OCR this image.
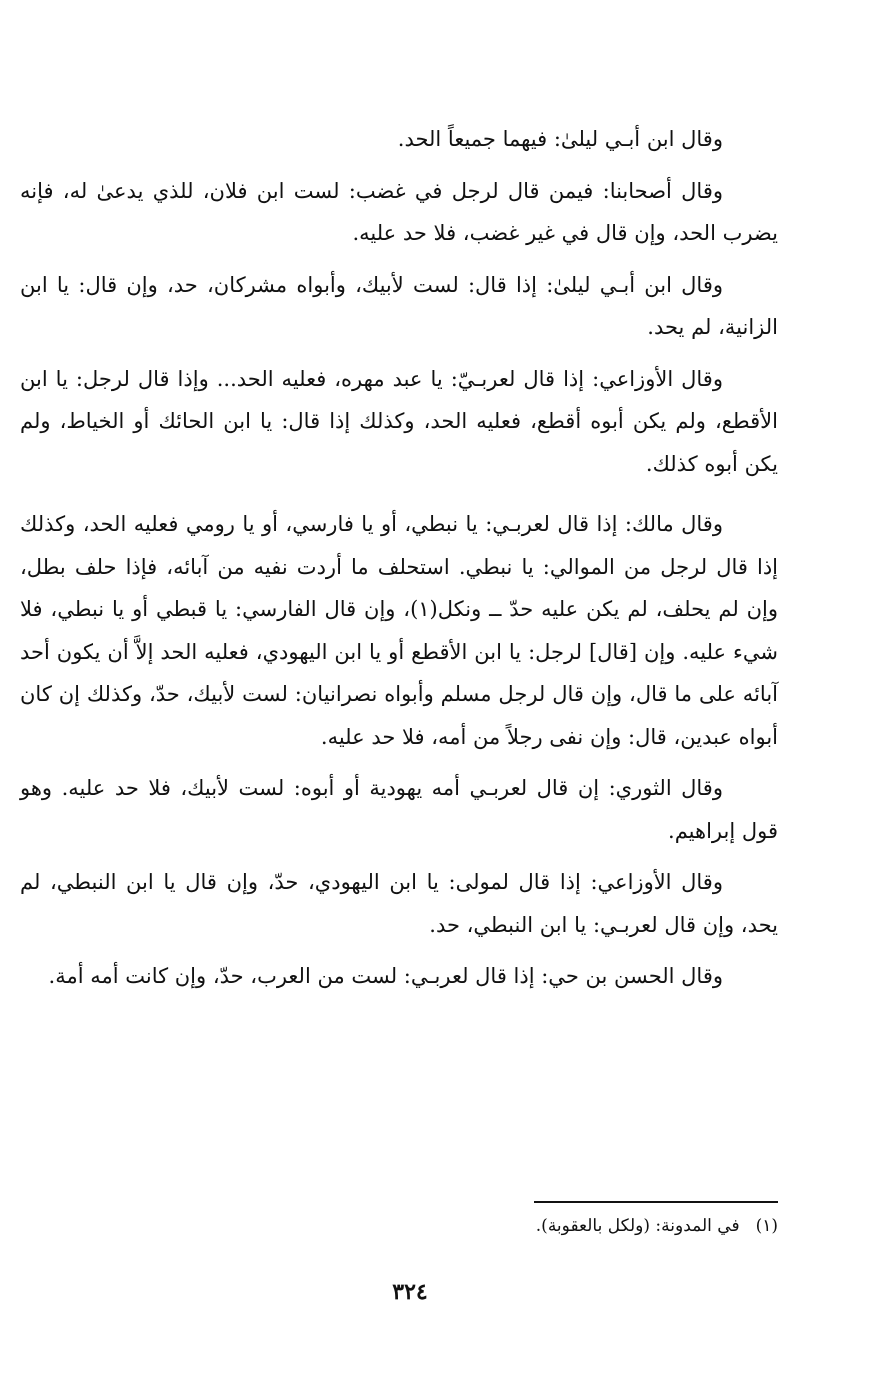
وقال ابن أبـي ليلىٰ: فيهما جميعاً الحد.

وقال أصحابنا: فيمن قال لرجل في غضب: لست ابن فلان، للذي يدعىٰ له، فإنه يضرب الحد، وإن قال في غير غضب، فلا حد عليه.

وقال ابن أبـي ليلىٰ: إذا قال: لست لأبيك، وأبواه مشركان، حد، وإن قال: يا ابن الزانية، لم يحد.

وقال الأوزاعي: إذا قال لعربـيّ: يا عبد مهره، فعليه الحد... وإذا قال لرجل: يا ابن الأقطع، ولم يكن أبوه أقطع، فعليه الحد، وكذلك إذا قال: يا ابن الحائك أو الخياط، ولم يكن أبوه كذلك.

وقال مالك: إذا قال لعربـي: يا نبطي، أو يا فارسي، أو يا رومي فعليه الحد، وكذلك إذا قال لرجل من الموالي: يا نبطي. استحلف ما أردت نفيه من آبائه، فإذا حلف بطل، وإن لم يحلف، لم يكن عليه حدّ ــ ونكل(١)، وإن قال الفارسي: يا قبطي أو يا نبطي، فلا شيء عليه. وإن [قال] لرجل: يا ابن الأقطع أو يا ابن اليهودي، فعليه الحد إلاَّ أن يكون أحد آبائه على ما قال، وإن قال لرجل مسلم وأبواه نصرانيان: لست لأبيك، حدّ، وكذلك إن كان أبواه عبدين، قال: وإن نفى رجلاً من أمه، فلا حد عليه.

وقال الثوري: إن قال لعربـي أمه يهودية أو أبوه: لست لأبيك، فلا حد عليه. وهو قول إبراهيم.

وقال الأوزاعي: إذا قال لمولى: يا ابن اليهودي، حدّ، وإن قال يا ابن النبطي، لم يحد، وإن قال لعربـي: يا ابن النبطي، حد.

وقال الحسن بن حي: إذا قال لعربـي: لست من العرب، حدّ، وإن كانت أمه أمة.

(١)في المدونة: (ولكل بالعقوبة).
٣٢٤
